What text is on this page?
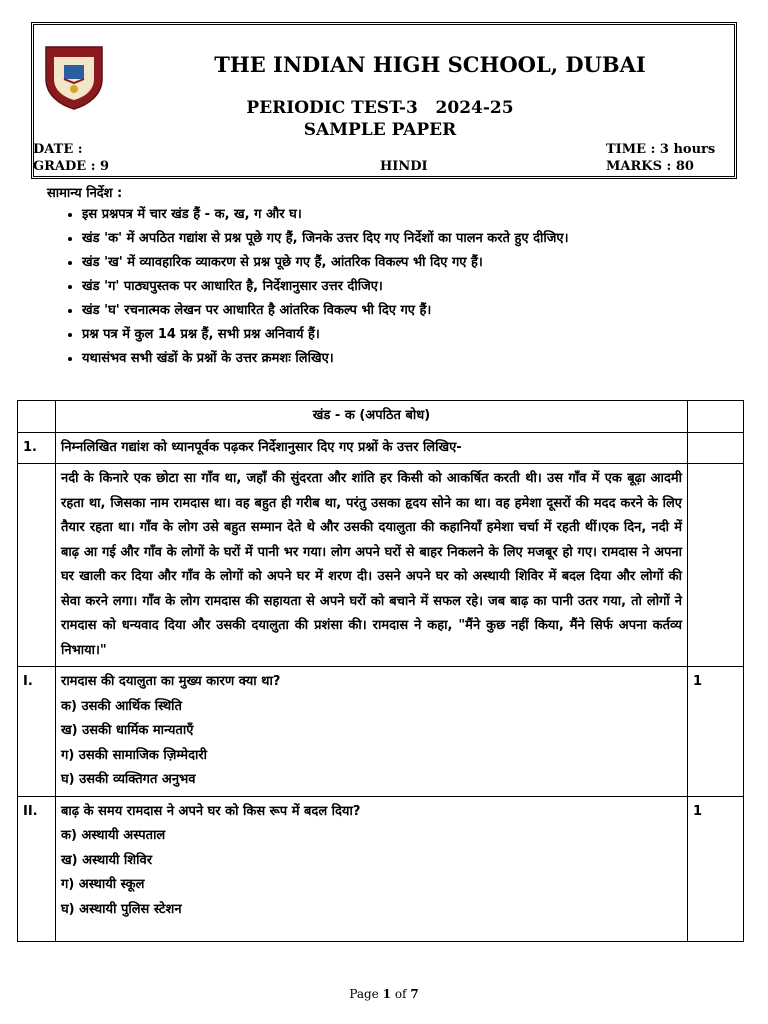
THE INDIAN HIGH SCHOOL, DUBAI
PERIODIC TEST-3   2024-25
SAMPLE PAPER
DATE :
GRADE : 9	HINDI
TIME : 3 hours
MARKS : 80
सामान्य निर्देश :
• इस प्रश्नपत्र में चार खंड हैं - क, ख, ग और घ।
• खंड 'क' में अपठित गद्यांश से प्रश्न पूछे गए हैं, जिनके उत्तर दिए गए निर्देशों का पालन करते हुए दीजिए।
• खंड 'ख' में व्यावहारिक व्याकरण से प्रश्न पूछे गए हैं, आंतरिक विकल्प भी दिए गए हैं।
• खंड 'ग' पाठ्यपुस्तक पर आधारित है, निर्देशानुसार उत्तर दीजिए।
• खंड 'घ' रचनात्मक लेखन पर आधारित है आंतरिक विकल्प भी दिए गए हैं।
• प्रश्न पत्र में कुल 14 प्रश्न हैं, सभी प्रश्न अनिवार्य हैं।
• यथासंभव सभी खंडों के प्रश्नों के उत्तर क्रमशः लिखिए।
	खंड - क (अपठित बोध)	
1.	निम्नलिखित गद्यांश को ध्यानपूर्वक पढ़कर निर्देशानुसार दिए गए प्रश्नों के उत्तर लिखिए-	
	नदी के किनारे एक छोटा सा गाँव था, जहाँ की सुंदरता और शांति हर किसी को आकर्षित करती थी। उस गाँव में एक बूढ़ा आदमी रहता था, जिसका नाम रामदास था। वह बहुत ही गरीब था, परंतु उसका हृदय सोने का था। वह हमेशा दूसरों की मदद करने के लिए तैयार रहता था। गाँव के लोग उसे बहुत सम्मान देते थे और उसकी दयालुता की कहानियाँ हमेशा चर्चा में रहती थीं।एक दिन, नदी में बाढ़ आ गई और गाँव के लोगों के घरों में पानी भर गया। लोग अपने घरों से बाहर निकलने के लिए मजबूर हो गए। रामदास ने अपना घर खाली कर दिया और गाँव के लोगों को अपने घर में शरण दी। उसने अपने घर को अस्थायी शिविर में बदल दिया और लोगों की सेवा करने लगा। गाँव के लोग रामदास की सहायता से अपने घरों को बचाने में सफल रहे। जब बाढ़ का पानी उतर गया, तो लोगों ने रामदास को धन्यवाद दिया और उसकी दयालुता की प्रशंसा की। रामदास ने कहा, "मैंने कुछ नहीं किया, मैंने सिर्फ अपना कर्तव्य निभाया।"	
I.	रामदास की दयालुता का मुख्य कारण क्या था?
क) उसकी आर्थिक स्थिति
ख) उसकी धार्मिक मान्यताएँ
ग) उसकी सामाजिक ज़िम्मेदारी
घ) उसकी व्यक्तिगत अनुभव	1
II.	बाढ़ के समय रामदास ने अपने घर को किस रूप में बदल दिया?
क) अस्थायी अस्पताल
ख) अस्थायी शिविर
ग) अस्थायी स्कूल
घ) अस्थायी पुलिस स्टेशन	1
Page 1 of 7
